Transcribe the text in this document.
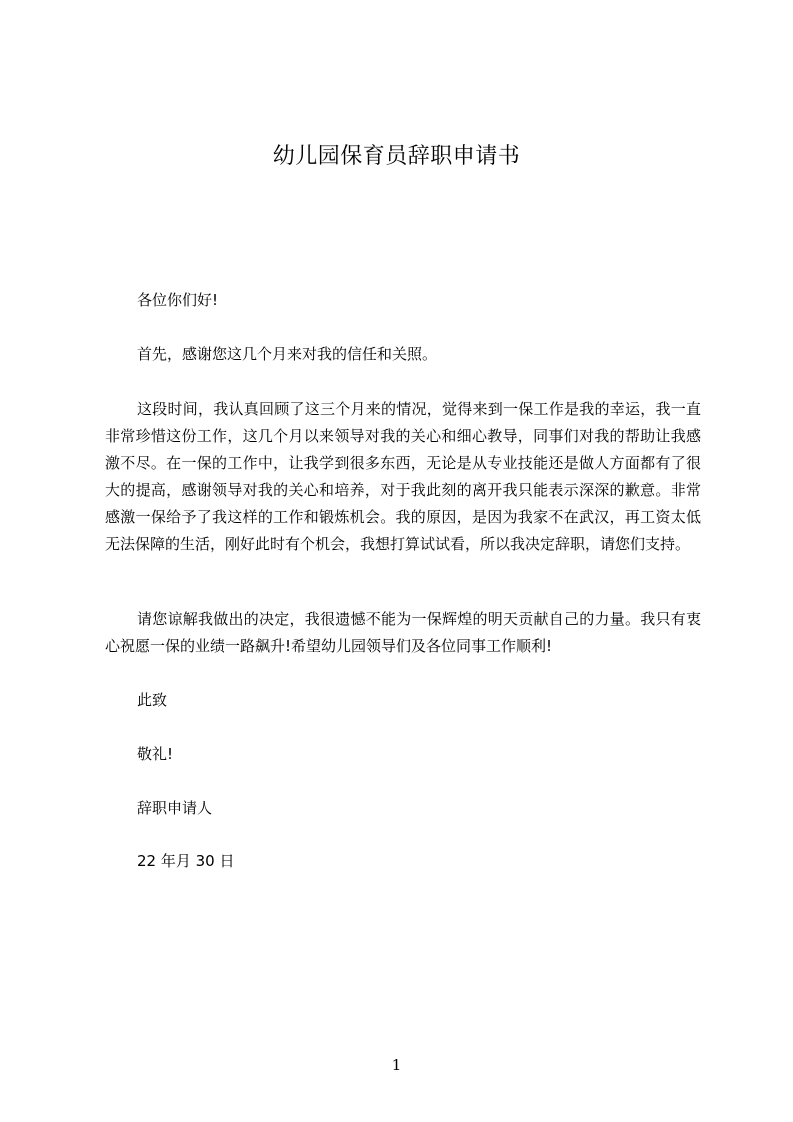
幼儿园保育员辞职申请书
各位你们好!

首先，感谢您这几个月来对我的信任和关照。

这段时间，我认真回顾了这三个月来的情况，觉得来到一保工作是我的幸运，我一直非常珍惜这份工作，这几个月以来领导对我的关心和细心教导，同事们对我的帮助让我感激不尽。在一保的工作中，让我学到很多东西，无论是从专业技能还是做人方面都有了很大的提高，感谢领导对我的关心和培养，对于我此刻的离开我只能表示深深的歉意。非常感激一保给予了我这样的工作和锻炼机会。我的原因，是因为我家不在武汉，再工资太低无法保障的生活，刚好此时有个机会，我想打算试试看，所以我决定辞职，请您们支持。

请您谅解我做出的决定，我很遗憾不能为一保辉煌的明天贡献自己的力量。我只有衷心祝愿一保的业绩一路飙升!希望幼儿园领导们及各位同事工作顺利!

此致
敬礼!
辞职申请人
22 年月 30 日
1
